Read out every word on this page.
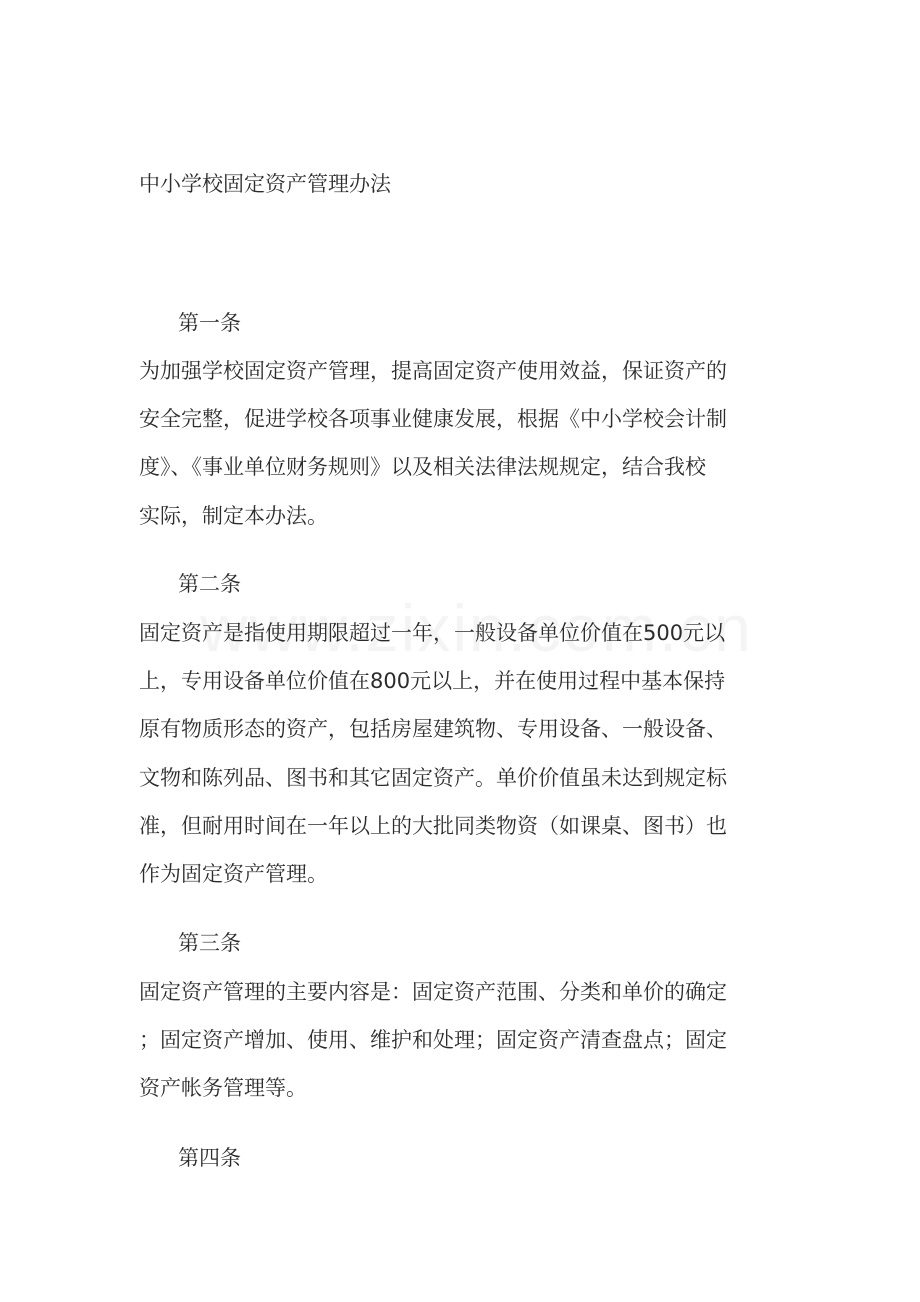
中小学校固定资产管理办法
第一条

为加强学校固定资产管理，提高固定资产使用效益，保证资产的

安全完整，促进学校各项事业健康发展，根据《中小学校会计制

度》、《事业单位财务规则》以及相关法律法规规定，结合我校

实际，制定本办法。

第二条

固定资产是指使用期限超过一年，一般设备单位价值在500元以

上，专用设备单位价值在800元以上，并在使用过程中基本保持

原有物质形态的资产，包括房屋建筑物、专用设备、一般设备、

文物和陈列品、图书和其它固定资产。单价价值虽未达到规定标

准，但耐用时间在一年以上的大批同类物资（如课桌、图书）也

作为固定资产管理。

第三条

固定资产管理的主要内容是：固定资产范围、分类和单价的确定

；固定资产增加、使用、维护和处理；固定资产清查盘点；固定

资产帐务管理等。

第四条
